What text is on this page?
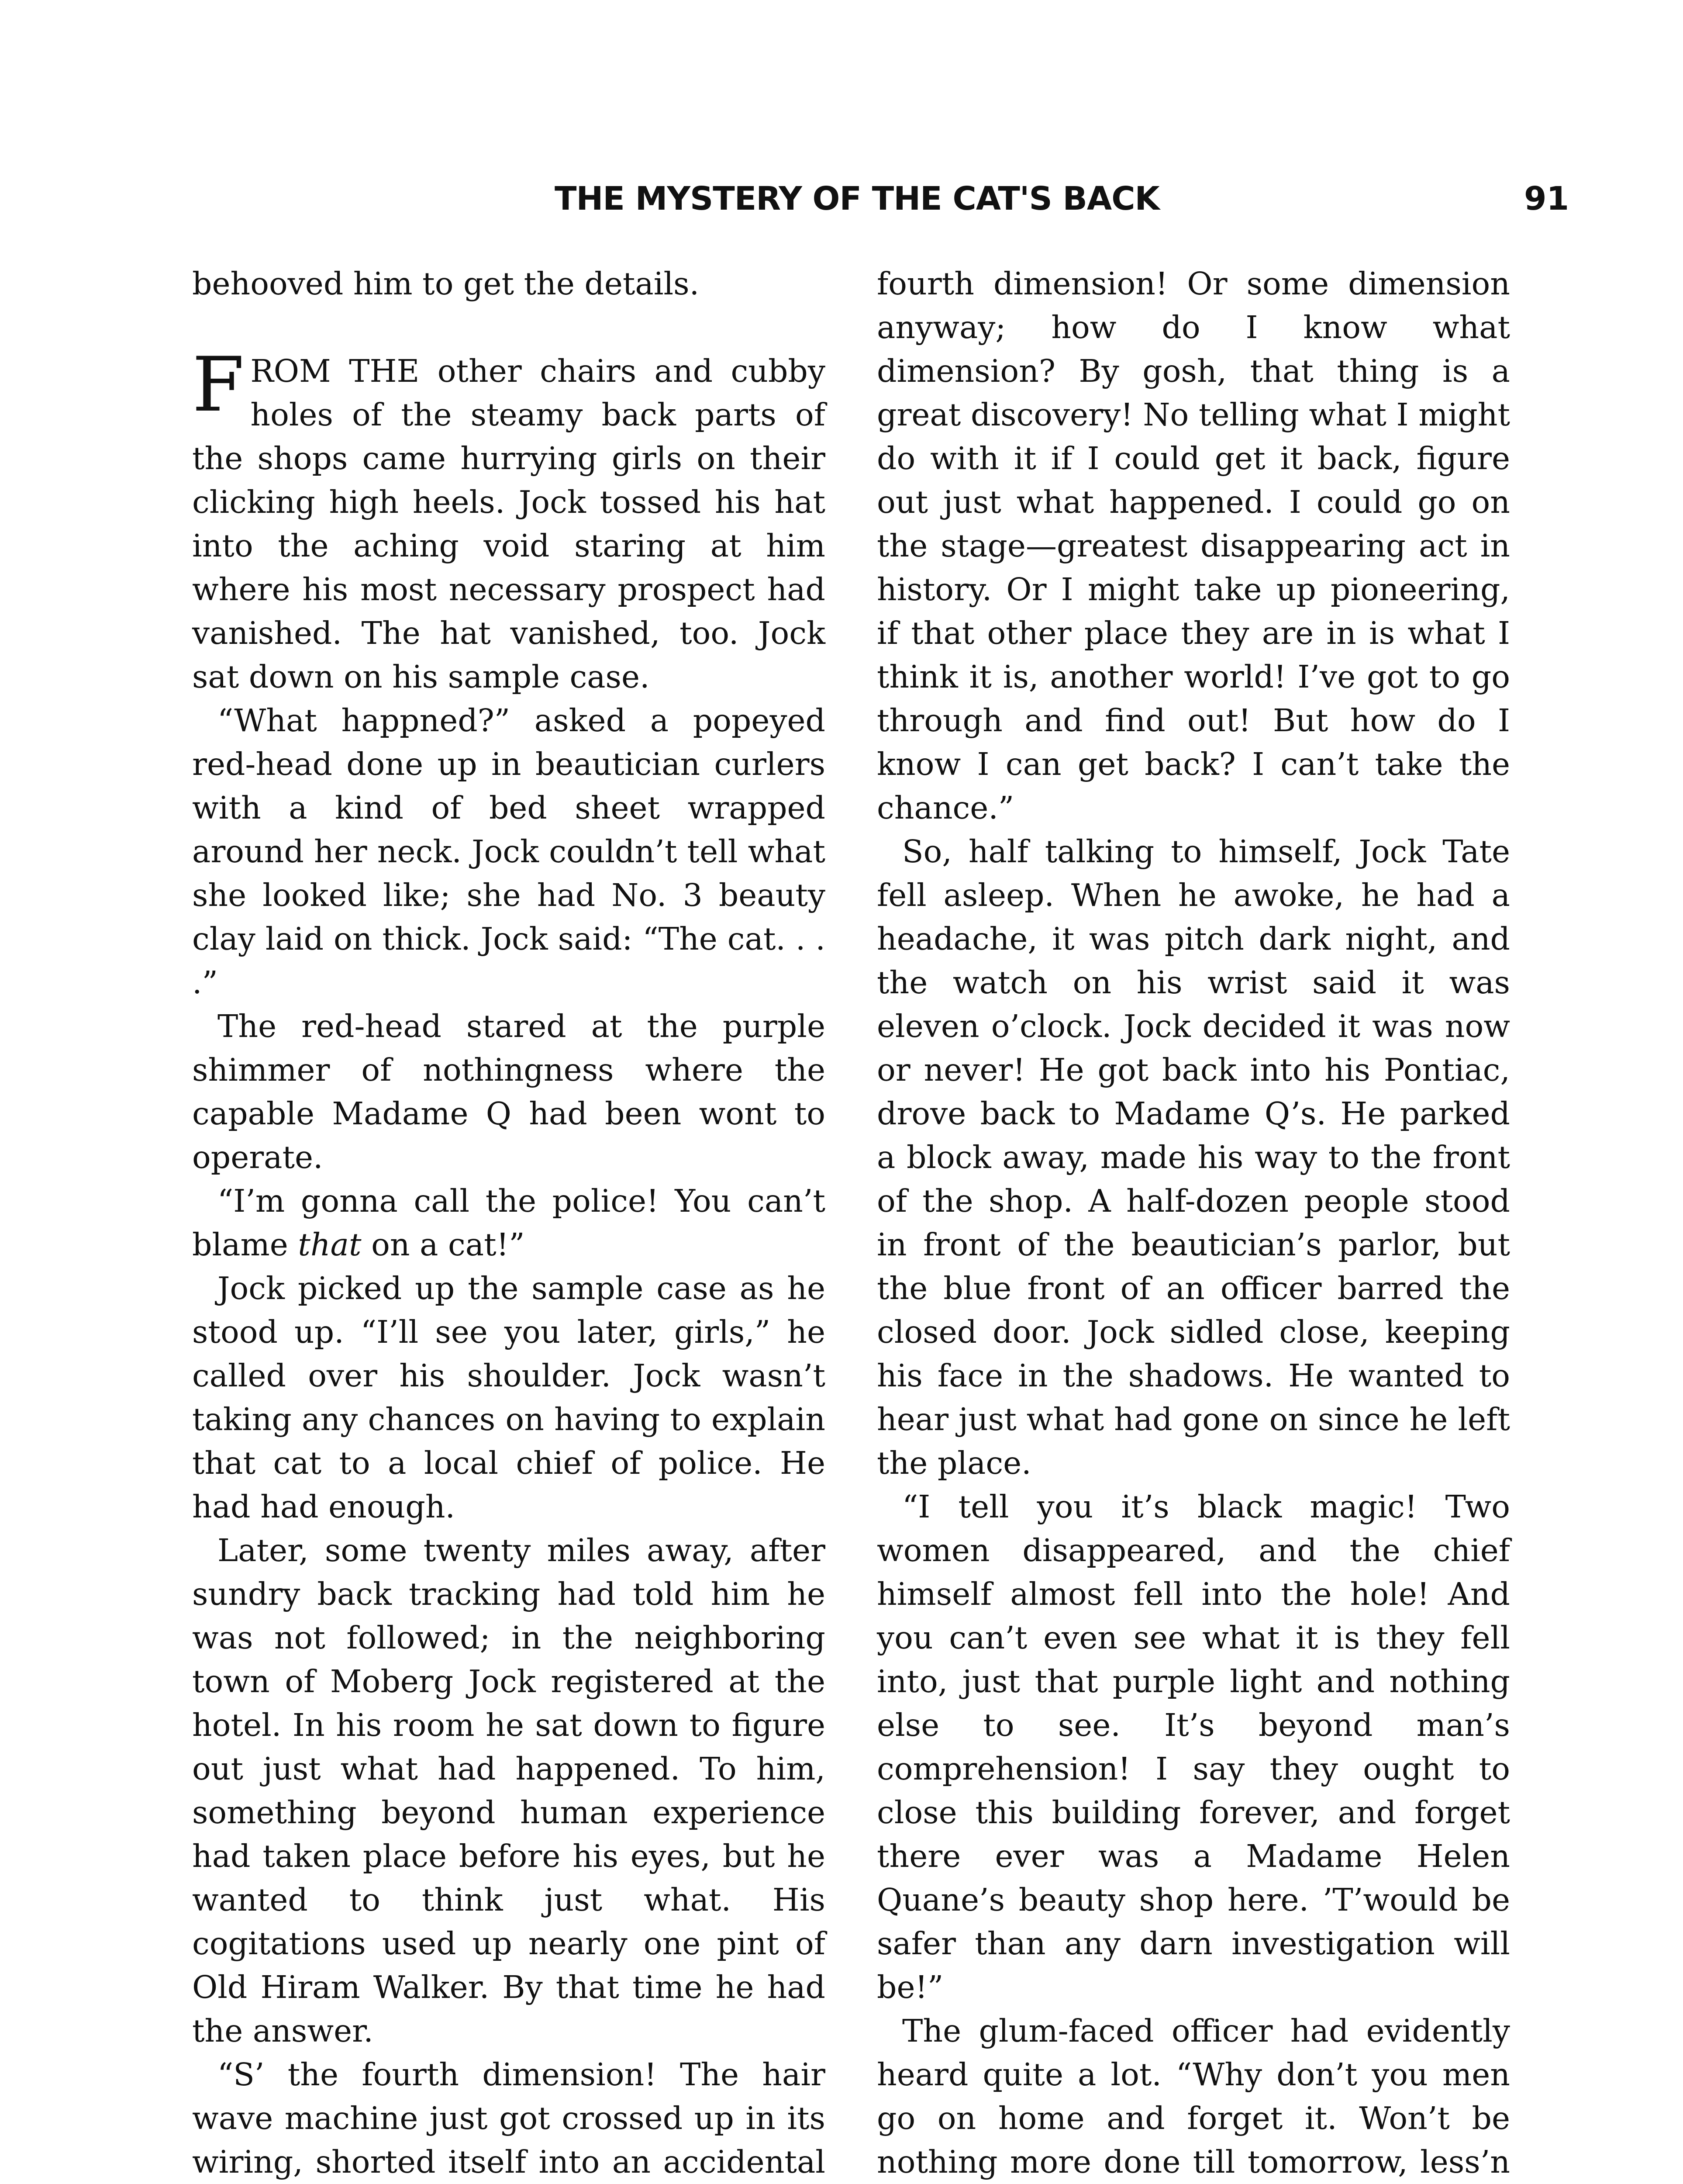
THE MYSTERY OF THE CAT'S BACK	91

behooved him to get the details.

FROM THE other chairs and cubby holes of the steamy back parts of the shops came hurrying girls on their clicking high heels. Jock tossed his hat into the aching void staring at him where his most necessary prospect had vanished. The hat vanished, too. Jock sat down on his sample case.

“What happned?” asked a popeyed red-head done up in beautician curlers with a kind of bed sheet wrapped around her neck. Jock couldn’t tell what she looked like; she had No. 3 beauty clay laid on thick. Jock said: “The cat. . . .”

The red-head stared at the purple shimmer of nothingness where the capable Madame Q had been wont to operate.

“I’m gonna call the police! You can’t blame that on a cat!”

Jock picked up the sample case as he stood up. “I’ll see you later, girls,” he called over his shoulder. Jock wasn’t taking any chances on having to explain that cat to a local chief of police. He had had enough.

Later, some twenty miles away, after sundry back tracking had told him he was not followed; in the neighboring town of Moberg Jock registered at the hotel. In his room he sat down to figure out just what had happened. To him, something beyond human experience had taken place before his eyes, but he wanted to think just what. His cogitations used up nearly one pint of Old Hiram Walker. By that time he had the answer.

“S’ the fourth dimension! The hair wave machine just got crossed up in its wiring, shorted itself into an accidental

fourth dimension! Or some dimension anyway; how do I know what dimension? By gosh, that thing is a great discovery! No telling what I might do with it if I could get it back, figure out just what happened. I could go on the stage—greatest disappearing act in history. Or I might take up pioneering, if that other place they are in is what I think it is, another world! I’ve got to go through and find out! But how do I know I can get back? I can’t take the chance.”

So, half talking to himself, Jock Tate fell asleep. When he awoke, he had a headache, it was pitch dark night, and the watch on his wrist said it was eleven o’clock. Jock decided it was now or never! He got back into his Pontiac, drove back to Madame Q’s. He parked a block away, made his way to the front of the shop. A half-dozen people stood in front of the beautician’s parlor, but the blue front of an officer barred the closed door. Jock sidled close, keeping his face in the shadows. He wanted to hear just what had gone on since he left the place.

“I tell you it’s black magic! Two women disappeared, and the chief himself almost fell into the hole! And you can’t even see what it is they fell into, just that purple light and nothing else to see. It’s beyond man’s comprehension! I say they ought to close this building forever, and forget there ever was a Madame Helen Quane’s beauty shop here. ’T’would be safer than any darn investigation will be!”

The glum-faced officer had evidently heard quite a lot. “Why don’t you men go on home and forget it. Won’t be nothing more done till tomorrow, less’n
